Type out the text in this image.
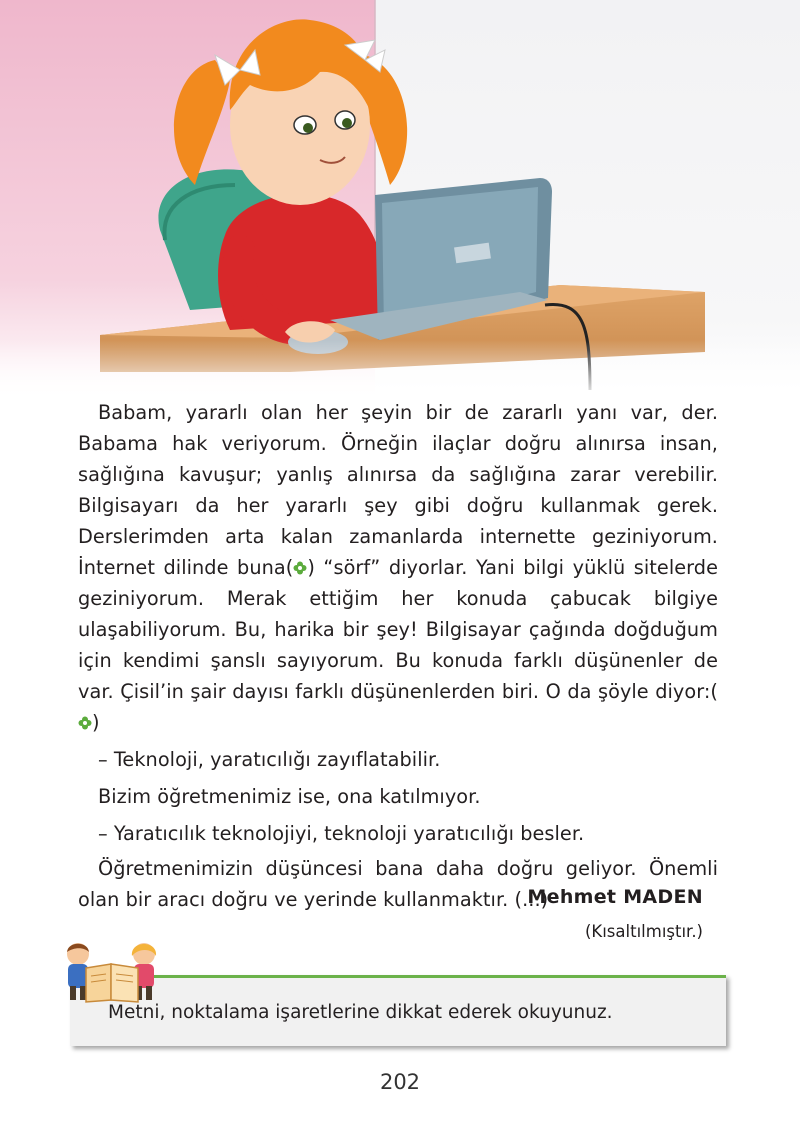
Babam, yararlı olan her şeyin bir de zararlı yanı var, der. Babama hak veriyorum. Örneğin ilaçlar doğru alınırsa insan, sağlığına kavuşur; yanlış alınırsa da sağlığına zarar verebilir. Bilgisayarı da her yararlı şey gibi doğru kullanmak gerek. Derslerimden arta kalan zamanlarda internette geziniyorum. İnternet dilinde buna( ) “sörf” diyorlar. Yani bilgi yüklü sitelerde geziniyorum. Merak ettiğim her konuda çabucak bilgiye ulaşabiliyorum. Bu, harika bir şey! Bilgisayar çağında doğduğum için kendimi şanslı sayıyorum. Bu konuda farklı düşünenler de var. Çisil’in şair dayısı farklı düşünenlerden biri. O da şöyle diyor:()

– Teknoloji, yaratıcılığı zayıflatabilir.

Bizim öğretmenimiz ise, ona katılmıyor.

– Yaratıcılık teknolojiyi, teknoloji yaratıcılığı besler.

Öğretmenimizin düşüncesi bana daha doğru geliyor. Önemli olan bir aracı doğru ve yerinde kullanmaktır. (...)

Mehmet MADEN
(Kısaltılmıştır.)
Metni, noktalama işaretlerine dikkat ederek okuyunuz.
202
